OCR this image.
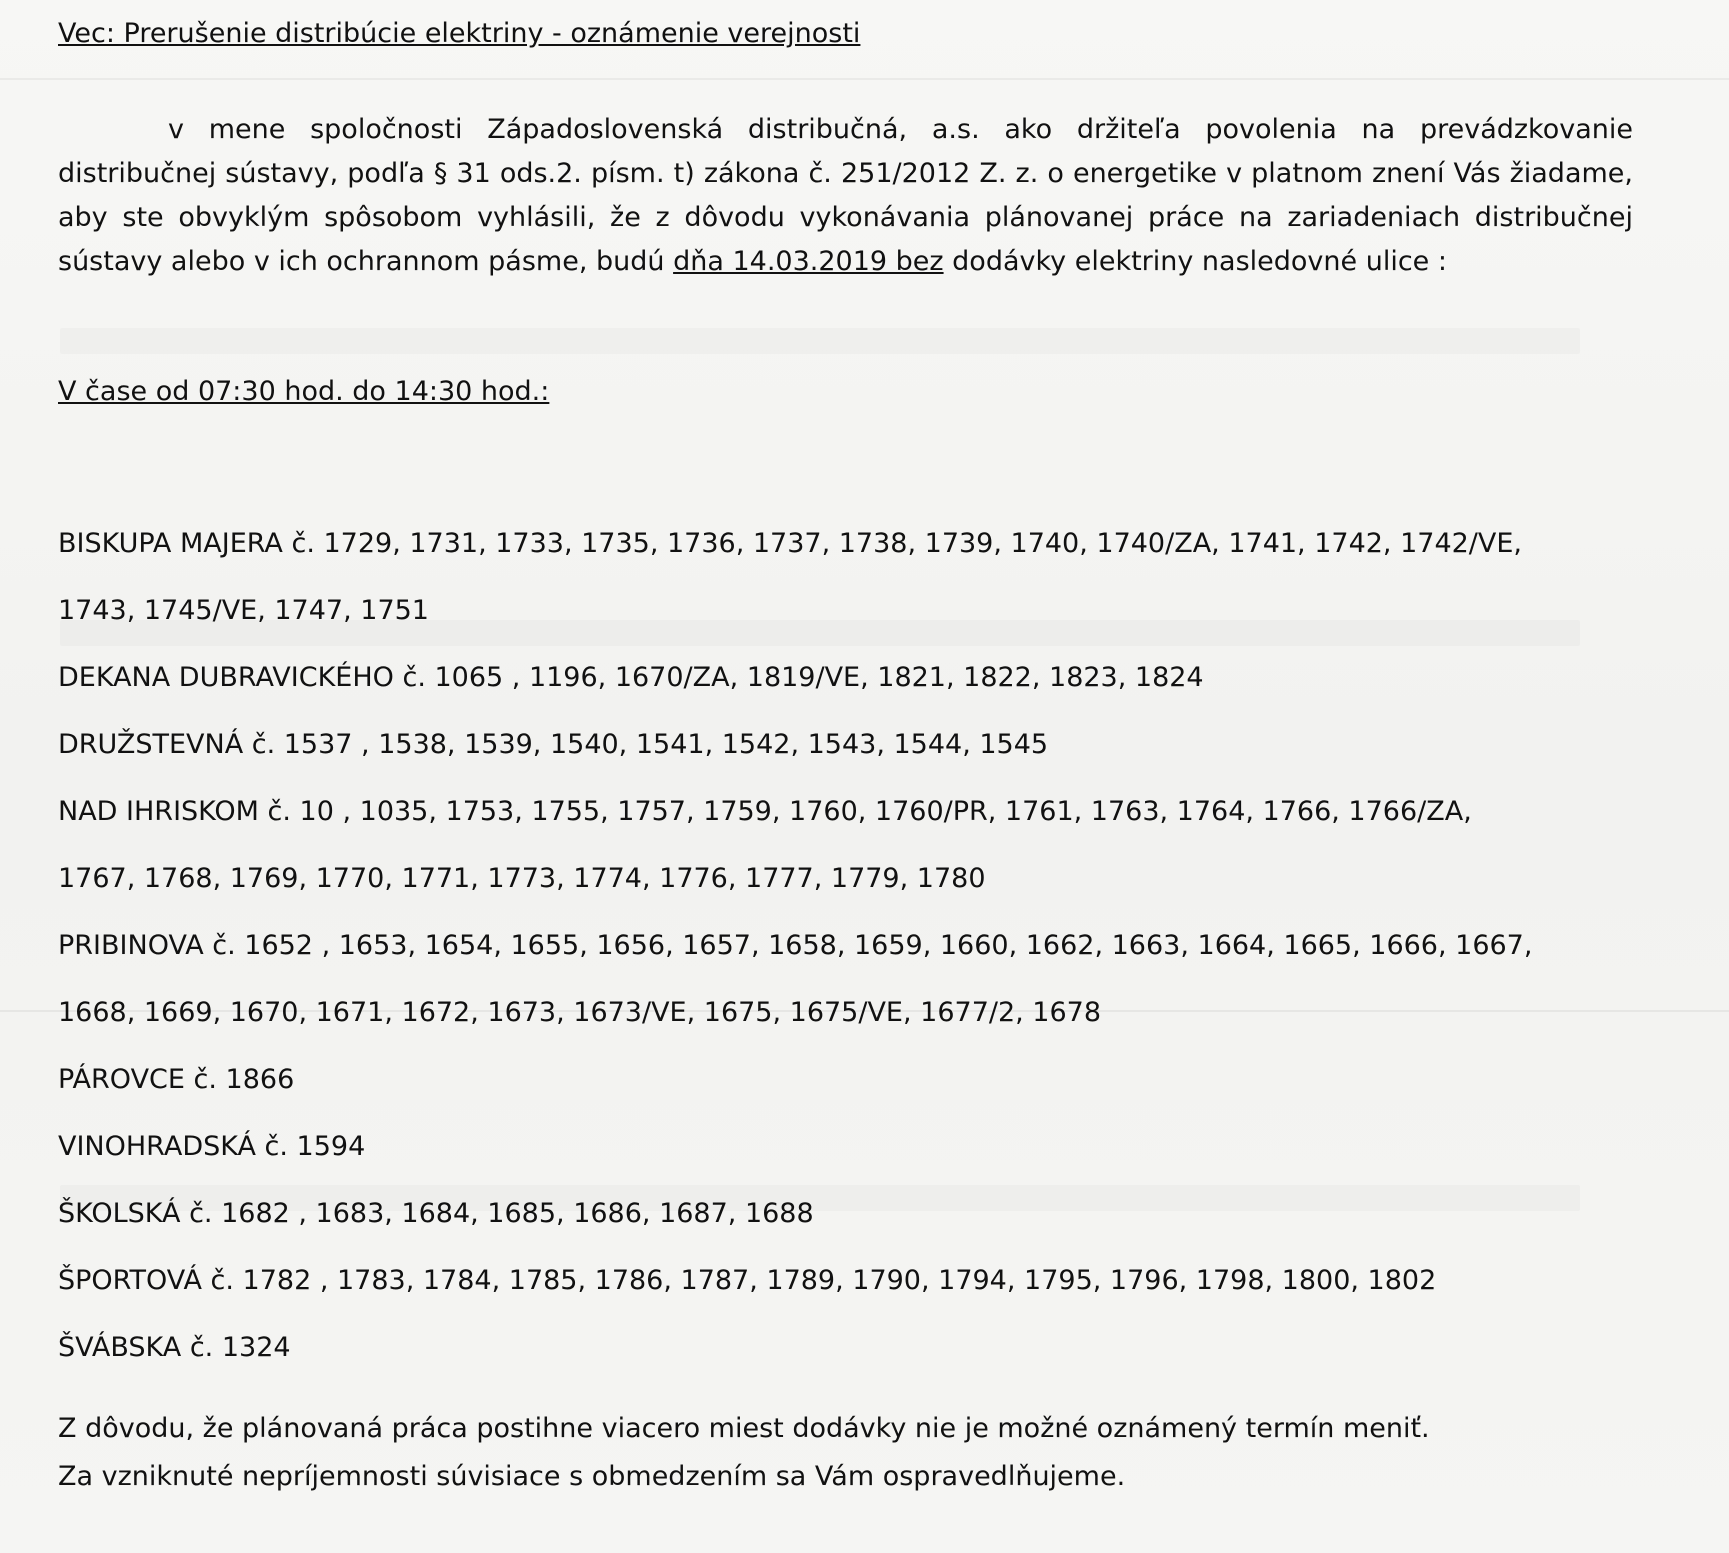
Vec: Prerušenie distribúcie elektriny - oznámenie verejnosti
v mene spoločnosti Západoslovenská distribučná, a.s. ako držiteľa povolenia na prevádzkovanie distribučnej sústavy, podľa § 31 ods.2. písm. t) zákona č. 251/2012 Z. z. o energetike v platnom znení Vás žiadame, aby ste obvyklým spôsobom vyhlásili, že z dôvodu vykonávania plánovanej práce na zariadeniach distribučnej sústavy alebo v ich ochrannom pásme, budú dňa 14.03.2019 bez dodávky elektriny nasledovné ulice :
V čase od 07:30 hod. do 14:30 hod.:

BISKUPA MAJERA č. 1729, 1731, 1733, 1735, 1736, 1737, 1738, 1739, 1740, 1740/ZA, 1741, 1742, 1742/VE,

1743, 1745/VE, 1747, 1751

DEKANA DUBRAVICKÉHO č. 1065 , 1196, 1670/ZA, 1819/VE, 1821, 1822, 1823, 1824

DRUŽSTEVNÁ č. 1537 , 1538, 1539, 1540, 1541, 1542, 1543, 1544, 1545

NAD IHRISKOM č. 10 , 1035, 1753, 1755, 1757, 1759, 1760, 1760/PR, 1761, 1763, 1764, 1766, 1766/ZA,

1767, 1768, 1769, 1770, 1771, 1773, 1774, 1776, 1777, 1779, 1780

PRIBINOVA č. 1652 , 1653, 1654, 1655, 1656, 1657, 1658, 1659, 1660, 1662, 1663, 1664, 1665, 1666, 1667,

1668, 1669, 1670, 1671, 1672, 1673, 1673/VE, 1675, 1675/VE, 1677/2, 1678

PÁROVCE č. 1866

VINOHRADSKÁ č. 1594

ŠKOLSKÁ č. 1682 , 1683, 1684, 1685, 1686, 1687, 1688

ŠPORTOVÁ č. 1782 , 1783, 1784, 1785, 1786, 1787, 1789, 1790, 1794, 1795, 1796, 1798, 1800, 1802

ŠVÁBSKA č. 1324

Z dôvodu, že plánovaná práca postihne viacero miest dodávky nie je možné oznámený termín meniť.

Za vzniknuté nepríjemnosti súvisiace s obmedzením sa Vám ospravedlňujeme.
